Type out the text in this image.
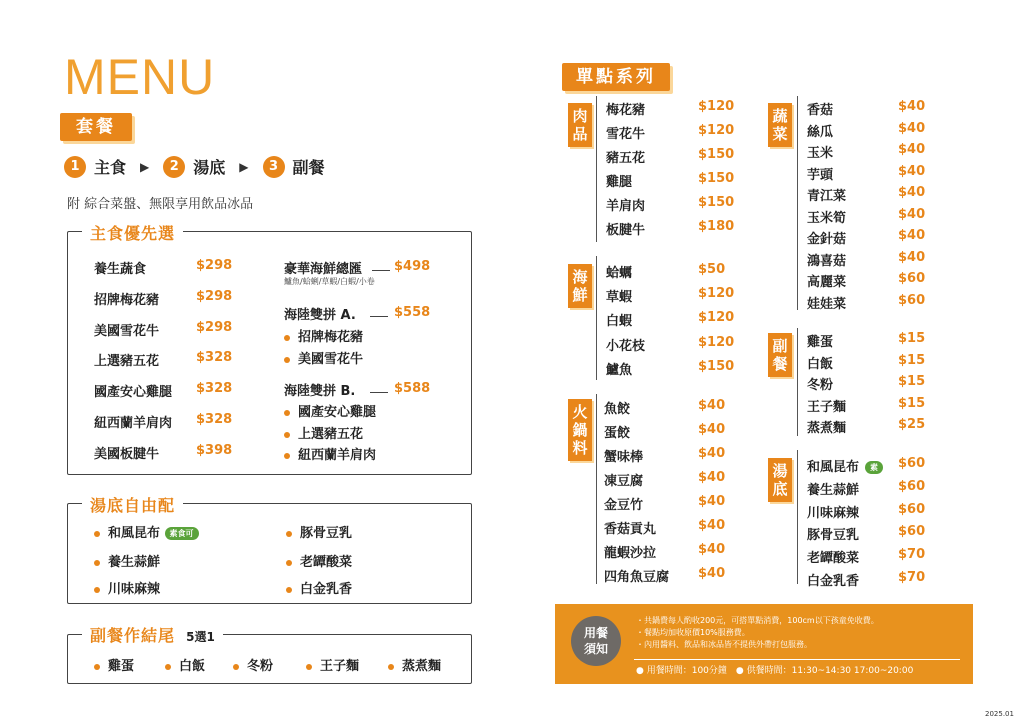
MENU
套餐
1 主食 ▶	2 湯底 ▶	3 副餐
附 綜合菜盤、無限享用飲品冰品
主食優先選
養生蔬食	$298
招牌梅花豬	$298
美國雪花牛	$298
上選豬五花	$328
國產安心雞腿 $328
紐西蘭羊肩肉 $328
美國板腱牛	$398
豪華海鮮總匯 $498
鱸魚/蛤蜊/草蝦/白蝦/小卷
海陸雙拼 A.	$558
招牌梅花豬
美國雪花牛
海陸雙拼 B.	$588
國產安心雞腿
上選豬五花
紐西蘭羊肩肉
湯底自由配
和風昆布 素食可
養生蒜鮮
川味麻辣
豚骨豆乳
老罈酸菜
白金乳香
副餐作結尾 5選1
雞蛋	白飯	冬粉	王子麵	蒸煮麵
單點系列
肉品
海鮮
火鍋料
梅花豬	$120
雪花牛	$120
豬五花	$150
雞腿	$150
羊肩肉	$150
板腱牛	$180
蛤蠣	$50
草蝦	$120
白蝦	$120
小花枝	$120
鱸魚	$150
魚餃	$40
蛋餃	$40
蟹味棒	$40
凍豆腐	$40
金豆竹	$40
香菇貢丸	$40
龍蝦沙拉	$40
四角魚豆腐 $40
香菇	$40
絲瓜	$40
玉米	$40
芋頭	$40
青江菜	$40
玉米筍	$40
金針菇	$40
鴻喜菇	$40
高麗菜	$60
娃娃菜	$60
雞蛋	$15
白飯	$15
冬粉	$15
王子麵	$15
蒸煮麵	$25
和風昆布 素	$60
養生蒜鮮	$60
川味麻辣	$60
豚骨豆乳	$60
老罈酸菜	$70
白金乳香	$70
蔬菜
副餐
湯底
用餐
須知
・共鍋費每人酌收200元，可搭單點消費，100cm以下孩童免收費。
・餐點均加收原價10%服務費。
・內用醬料、飲品和冰品皆不提供外帶打包服務。
● 用餐時間：100分鐘　● 供餐時間：11:30~14:30 17:00~20:00
2025.01
